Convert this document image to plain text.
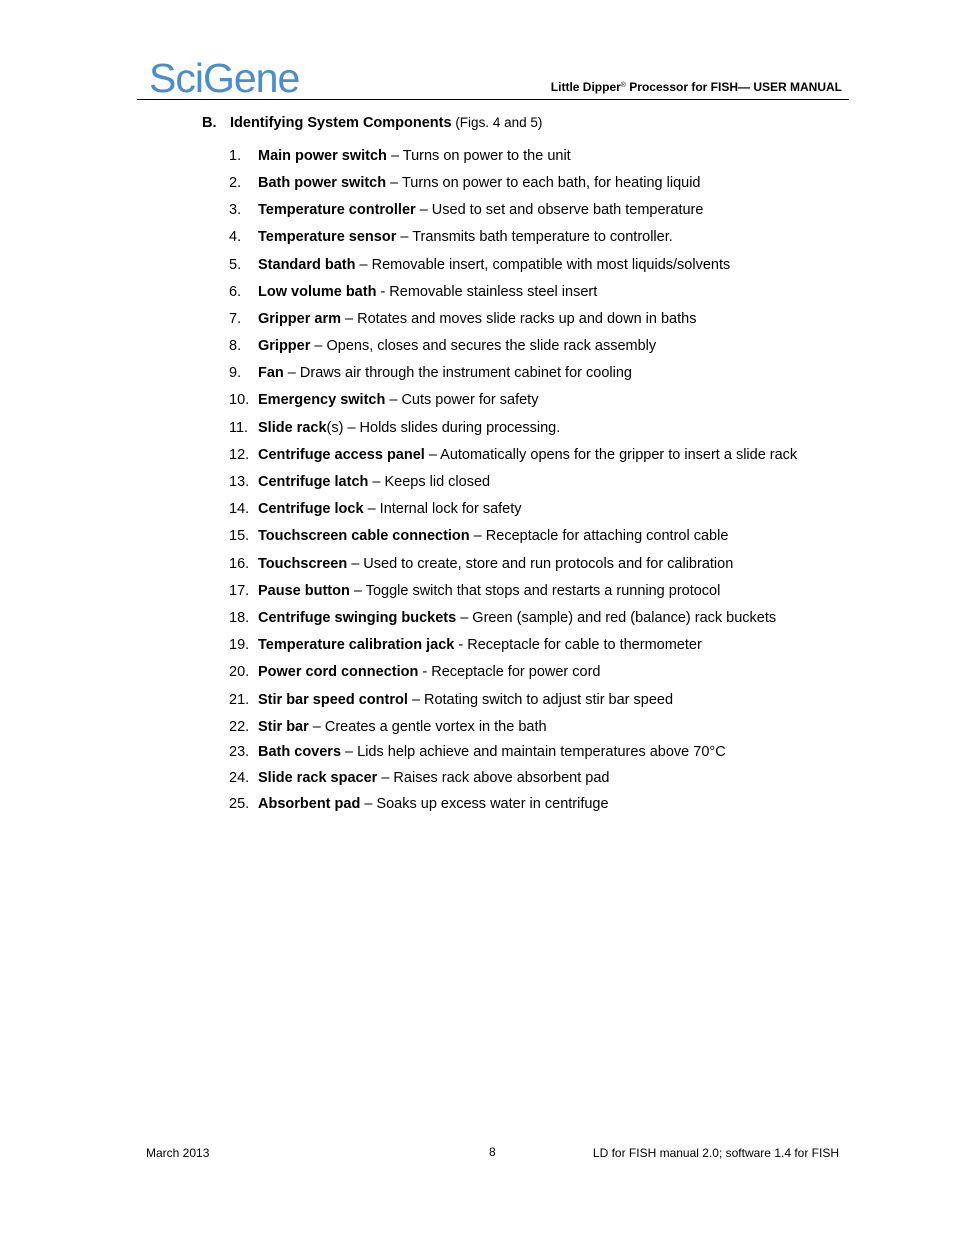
SciGene	Little Dipper® Processor for FISH— USER MANUAL
B. Identifying System Components (Figs. 4 and 5)
1. Main power switch – Turns on power to the unit
2. Bath power switch – Turns on power to each bath, for heating liquid
3. Temperature controller – Used to set and observe bath temperature
4. Temperature sensor – Transmits bath temperature to controller.
5. Standard bath – Removable insert, compatible with most liquids/solvents
6. Low volume bath - Removable stainless steel insert
7. Gripper arm – Rotates and moves slide racks up and down in baths
8. Gripper – Opens, closes and secures the slide rack assembly
9. Fan – Draws air through the instrument cabinet for cooling
10. Emergency switch – Cuts power for safety
11. Slide rack(s) – Holds slides during processing.
12. Centrifuge access panel – Automatically opens for the gripper to insert a slide rack
13. Centrifuge latch – Keeps lid closed
14. Centrifuge lock – Internal lock for safety
15. Touchscreen cable connection – Receptacle for attaching control cable
16. Touchscreen – Used to create, store and run protocols and for calibration
17. Pause button – Toggle switch that stops and restarts a running protocol
18. Centrifuge swinging buckets – Green (sample) and red (balance) rack buckets
19. Temperature calibration jack - Receptacle for cable to thermometer
20. Power cord connection - Receptacle for power cord
21. Stir bar speed control – Rotating switch to adjust stir bar speed
22. Stir bar – Creates a gentle vortex in the bath
23. Bath covers – Lids help achieve and maintain temperatures above 70°C
24. Slide rack spacer – Raises rack above absorbent pad
25. Absorbent pad – Soaks up excess water in centrifuge
March 2013	8	LD for FISH manual 2.0; software 1.4 for FISH
